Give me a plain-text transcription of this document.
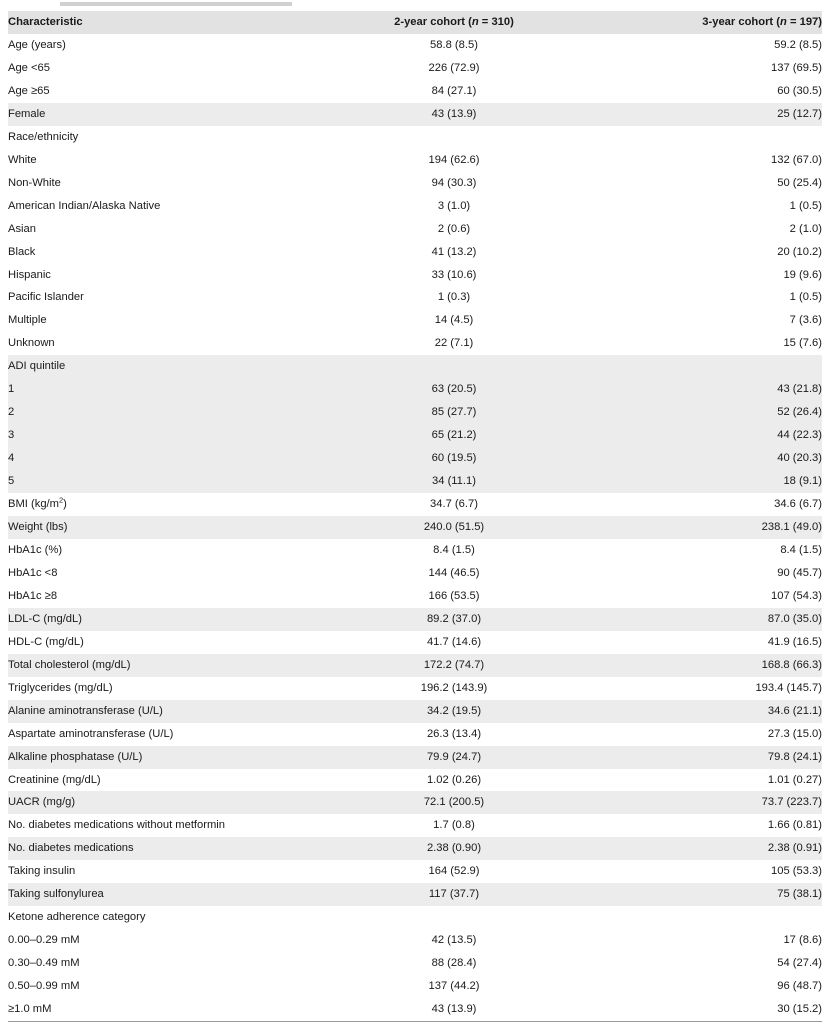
Characteristic	2-year cohort (n = 310)	3-year cohort (n = 197)
Age (years)	58.8 (8.5)	59.2 (8.5)
Age <65	226 (72.9)	137 (69.5)
Age ≥65	84 (27.1)	60 (30.5)
Female	43 (13.9)	25 (12.7)
Race/ethnicity		
White	194 (62.6)	132 (67.0)
Non-White	94 (30.3)	50 (25.4)
American Indian/Alaska Native	3 (1.0)	1 (0.5)
Asian	2 (0.6)	2 (1.0)
Black	41 (13.2)	20 (10.2)
Hispanic	33 (10.6)	19 (9.6)
Pacific Islander	1 (0.3)	1 (0.5)
Multiple	14 (4.5)	7 (3.6)
Unknown	22 (7.1)	15 (7.6)
ADI quintile		
1	63 (20.5)	43 (21.8)
2	85 (27.7)	52 (26.4)
3	65 (21.2)	44 (22.3)
4	60 (19.5)	40 (20.3)
5	34 (11.1)	18 (9.1)
BMI $(kg/m^2)$	34.7 (6.7)	34.6 (6.7)
Weight (lbs)	240.0 (51.5)	238.1 (49.0)
HbA1c (%)	8.4 (1.5)	8.4 (1.5)
HbA1c <8	144 (46.5)	90 (45.7)
HbA1c ≥8	166 (53.5)	107 (54.3)
LDL-C (mg/dL)	89.2 (37.0)	87.0 (35.0)
HDL-C (mg/dL)	41.7 (14.6)	41.9 (16.5)
Total cholesterol (mg/dL)	172.2 (74.7)	168.8 (66.3)
Triglycerides (mg/dL)	196.2 (143.9)	193.4 (145.7)
Alanine aminotransferase (U/L)	34.2 (19.5)	34.6 (21.1)
Aspartate aminotransferase (U/L)	26.3 (13.4)	27.3 (15.0)
Alkaline phosphatase (U/L)	79.9 (24.7)	79.8 (24.1)
Creatinine (mg/dL)	1.02 (0.26)	1.01 (0.27)
UACR (mg/g)	72.1 (200.5)	73.7 (223.7)
No. diabetes medications without metformin	1.7 (0.8)	1.66 (0.81)
No. diabetes medications	2.38 (0.90)	2.38 (0.91)
Taking insulin	164 (52.9)	105 (53.3)
Taking sulfonylurea	117 (37.7)	75 (38.1)
Ketone adherence category		
0.00–0.29 mM	42 (13.5)	17 (8.6)
0.30–0.49 mM	88 (28.4)	54 (27.4)
0.50–0.99 mM	137 (44.2)	96 (48.7)
≥1.0 mM	43 (13.9)	30 (15.2)
